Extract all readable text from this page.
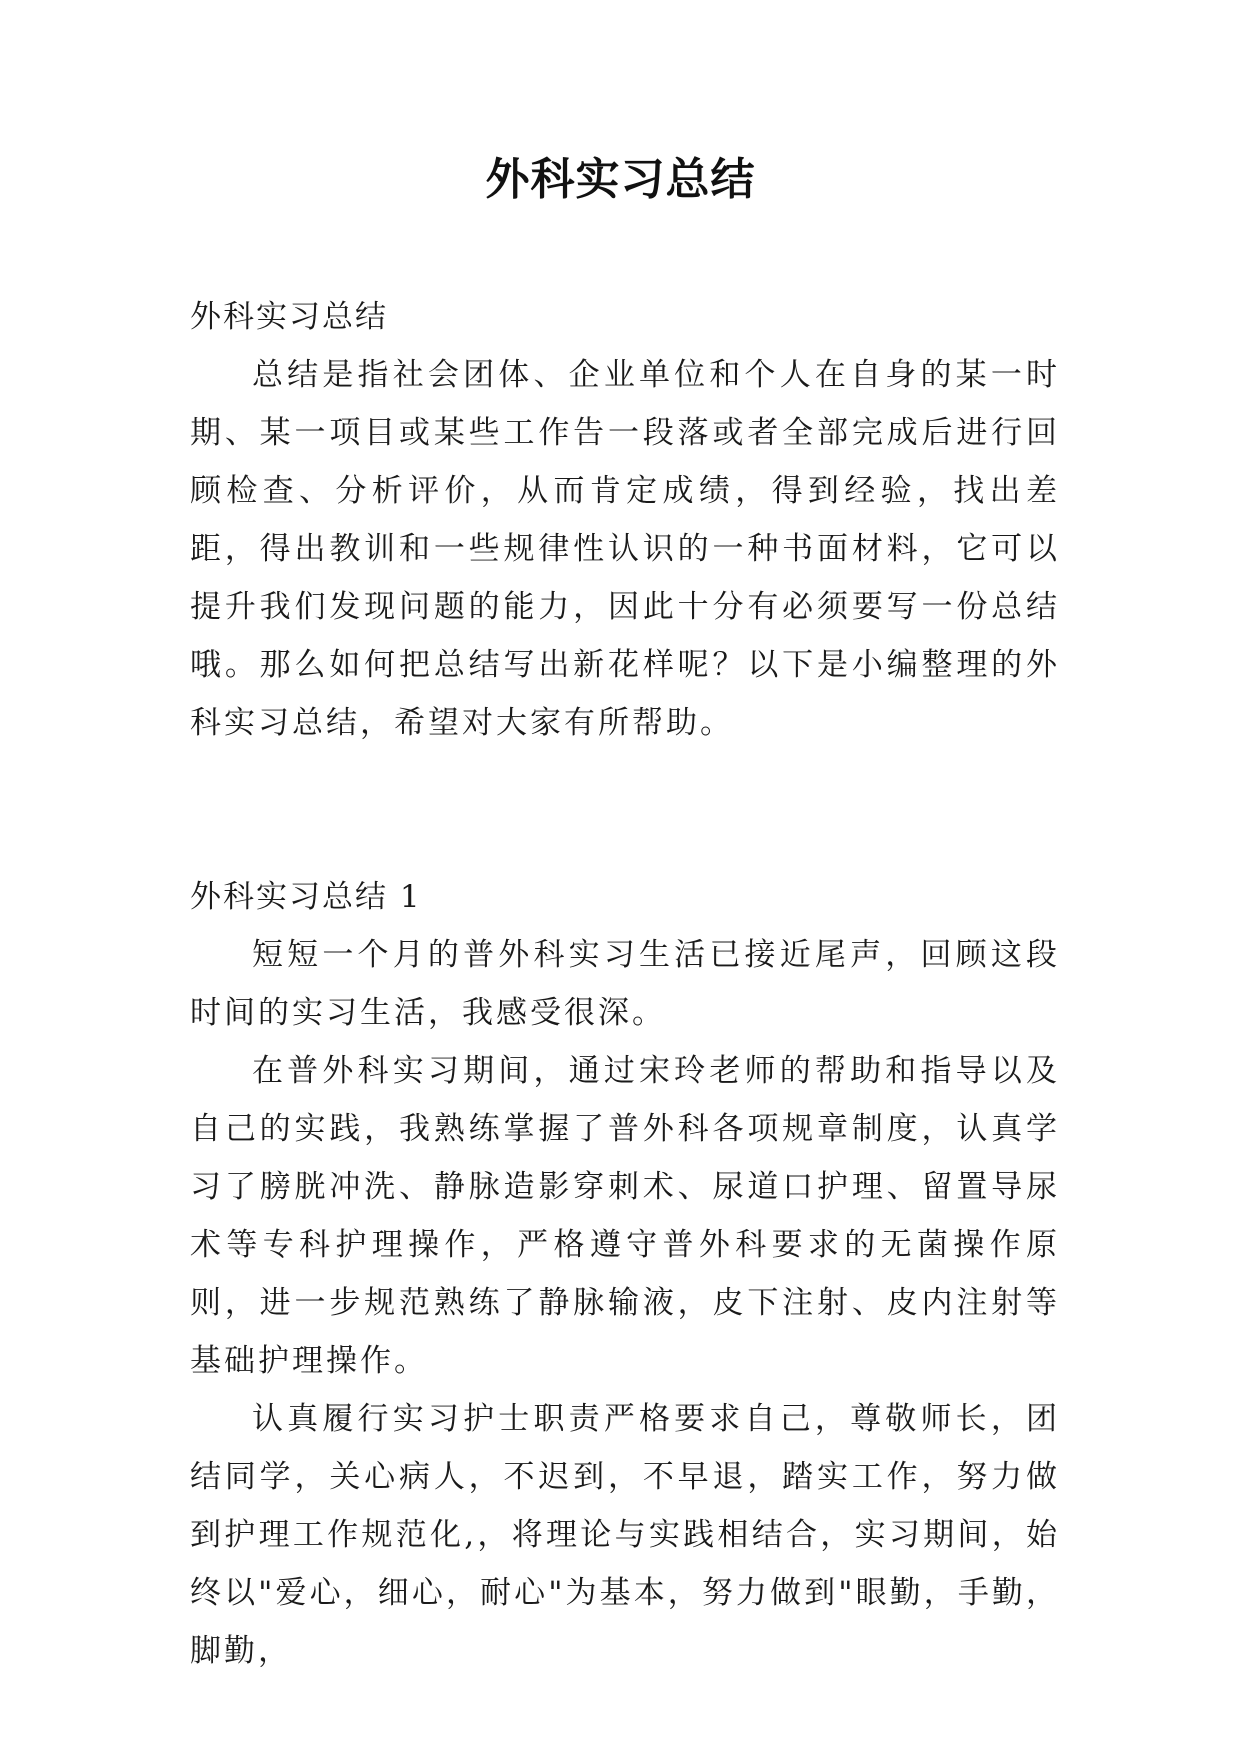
外科实习总结

外科实习总结

总结是指社会团体、企业单位和个人在自身的某一时期、某一项目或某些工作告一段落或者全部完成后进行回顾检查、分析评价，从而肯定成绩，得到经验，找出差距，得出教训和一些规律性认识的一种书面材料，它可以提升我们发现问题的能力，因此十分有必须要写一份总结哦。那么如何把总结写出新花样呢？以下是小编整理的外科实习总结，希望对大家有所帮助。

外科实习总结 1

短短一个月的普外科实习生活已接近尾声，回顾这段时间的实习生活，我感受很深。

在普外科实习期间，通过宋玲老师的帮助和指导以及自己的实践，我熟练掌握了普外科各项规章制度，认真学习了膀胱冲洗、静脉造影穿刺术、尿道口护理、留置导尿术等专科护理操作，严格遵守普外科要求的无菌操作原则，进一步规范熟练了静脉输液，皮下注射、皮内注射等基础护理操作。

认真履行实习护士职责严格要求自己，尊敬师长，团结同学，关心病人，不迟到，不早退，踏实工作，努力做到护理工作规范化,，将理论与实践相结合，实习期间，始终以"爱心，细心，耐心"为基本，努力做到"眼勤，手勤，脚勤，
